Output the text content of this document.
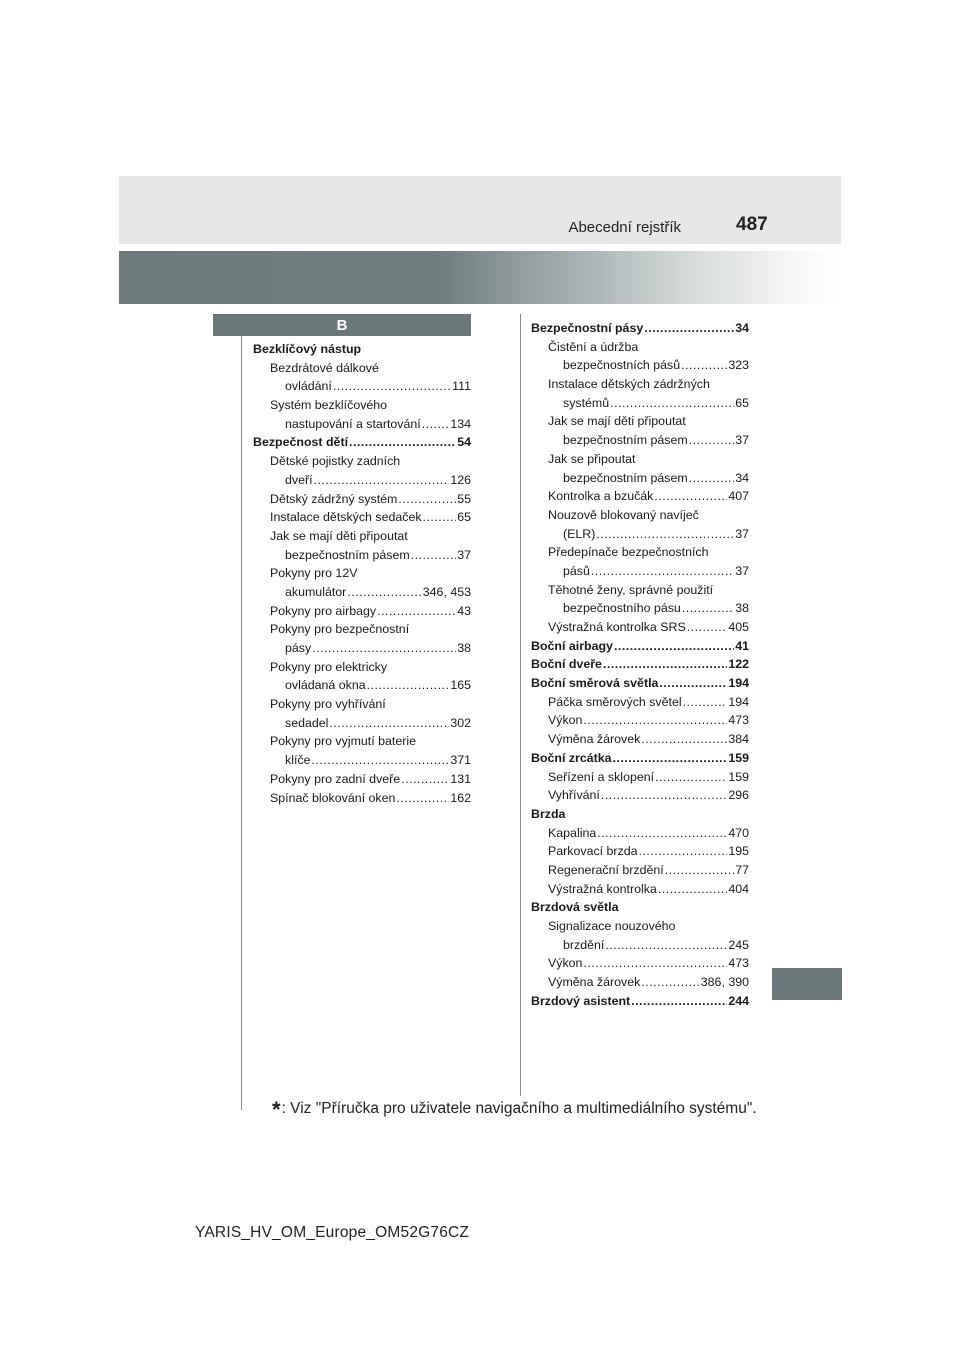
Abecední rejstřík	487
B
Bezklíčový nástup
Bezdrátové dálkové
ovládání .....	111
Systém bezklíčového
nastupování a startování ..... 134
Bezpečnost dětí .....	54
Dětské pojistky zadních
dveří .....	126
Dětský zádržný systém .....	55
Instalace dětských sedaček .....	65
Jak se mají děti připoutat
bezpečnostním pásem .....	37
Pokyny pro 12V
akumulátor .....	346, 453
Pokyny pro airbagy .....	43
Pokyny pro bezpečnostní
pásy .....	38
Pokyny pro elektricky
ovládaná okna .....	165
Pokyny pro vyhřívání
sedadel .....	302
Pokyny pro vyjmutí baterie
klíče .....	371
Pokyny pro zadní dveře .....	131
Spínač blokování oken .....	162
Bezpečnostní pásy .....	34
Čistění a údržba
bezpečnostních pásů .....	323
Instalace dětských zádržných
systémů .....	65
Jak se mají děti připoutat
bezpečnostním pásem .....	37
Jak se připoutat
bezpečnostním pásem .....	34
Kontrolka a bzučák .....	407
Nouzově blokovaný navíječ
(ELR) .....	37
Předepínače bezpečnostních
pásů .....	37
Těhotné ženy, správné použití
bezpečnostního pásu .....	38
Výstražná kontrolka SRS .....	405
Boční airbagy .....	41
Boční dveře .....	122
Boční směrová světla .....	194
Páčka směrových světel .....	194
Výkon .....	473
Výměna žárovek .....	384
Boční zrcátka .....	159
Seřízení a sklopení .....	159
Vyhřívání .....	296
Brzda
Kapalina .....	470
Parkovací brzda .....	195
Regenerační brzdění .....	77
Výstražná kontrolka .....	404
Brzdová světla
Signalizace nouzového
brzdění .....	245
Výkon .....	473
Výměna žárovek .....	386, 390
Brzdový asistent .....	244
*: Viz "Příručka pro uživatele navigačního a multimediálního systému".
YARIS_HV_OM_Europe_OM52G76CZ
